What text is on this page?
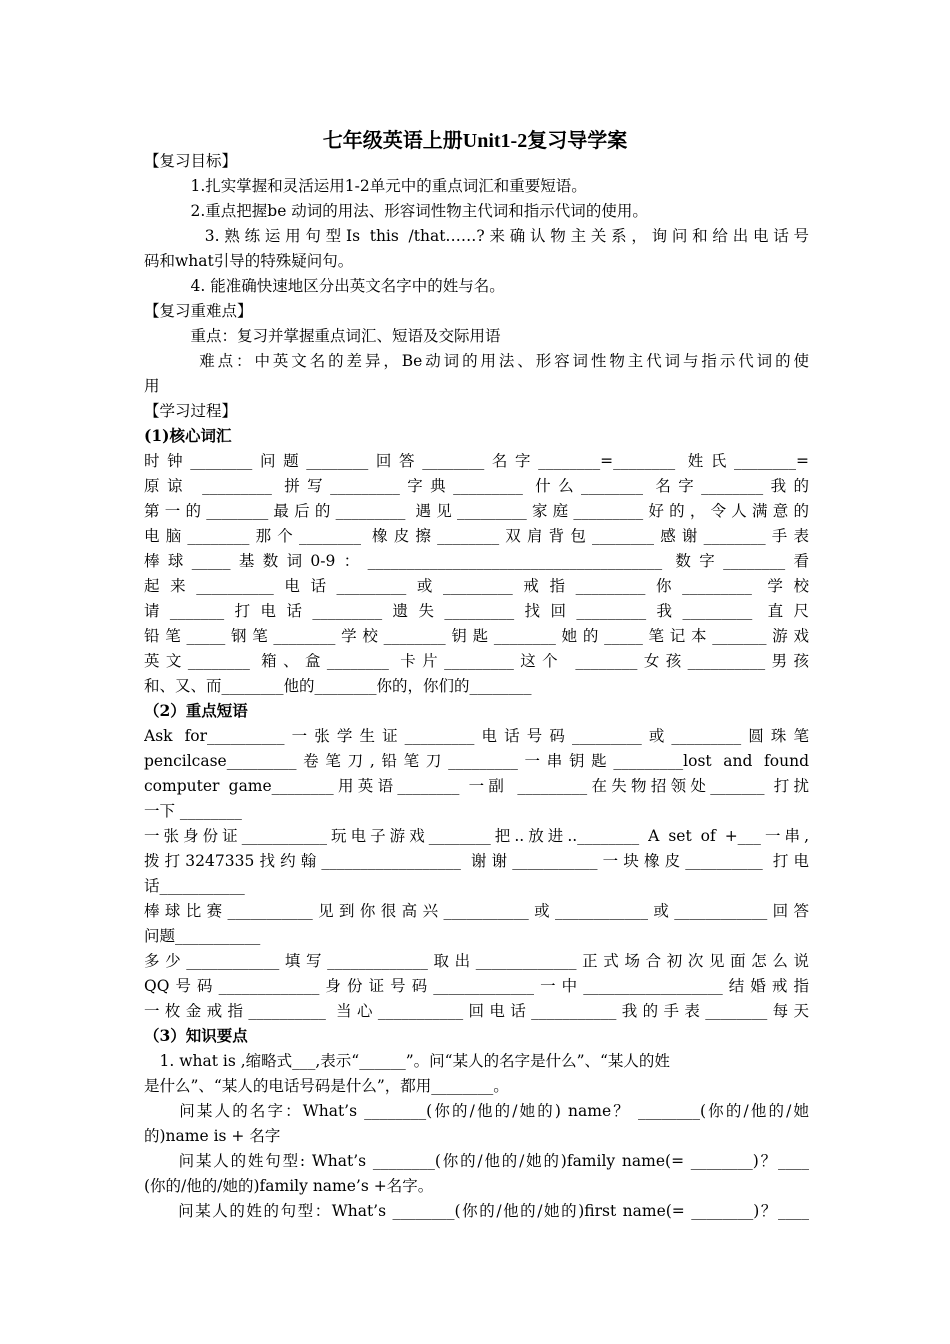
七年级英语上册Unit1-2复习导学案
【复习目标】
　　　1.扎实掌握和灵活运用1-2单元中的重点词汇和重要短语。
　　　2.重点把握be 动词的用法、形容词性物主代词和指示代词的使用。
　　　3.熟练运用句型Is this /that……?来确认物主关系，询问和给出电话号
码和what引导的特殊疑问句。
　　　4. 能准确快速地区分出英文名字中的姓与名。
【复习重难点】
　　　重点：复习并掌握重点词汇、短语及交际用语
　　　难点：中英文名的差异，Be动词的用法、形容词性物主代词与指示代词的使
用
【学习过程】
(1)核心词汇
时钟________问题________回答________名字________=________ 姓氏________=
原谅 _________ 拼写_________字典_________ 什么________ 名字________我的
第一的________最后的_________ 遇见_________家庭_________好的，令人满意的
电脑________那个________ 橡皮擦________双肩背包________感谢________手表
棒球_____基数词0-9：______________________________________ 数字________看
起来__________电话_________或_________戒指_________你_________ 学校
请_______打电话_________遗失_________找回_________我_________ 直尺
铅笔_____钢笔________学校________钥匙________她的_____笔记本_______游戏
英文________ 箱、盒________ 卡片_________这个 ________女孩__________男孩
和、又、而________他的________你的，你们的________
（2）重点短语
Ask for__________一张学生证_________电话号码_________或_________圆珠笔
pencilcase_________卷笔刀,铅笔刀_________一串钥匙_________lost and found
computer game________用英语________ 一副 _________在失物招领处_______ 打扰
一下 ________
一张身份证___________玩电子游戏________把..放进..________ A set of +___一串,
拨打3247335找约翰__________________ 谢谢___________一块橡皮__________ 打电
话___________
棒球比赛___________见到你很高兴___________或____________或____________回答
问题___________
多少____________填写_____________取出_____________正式场合初次见面怎么说
QQ号码_____________身份证号码_____________一中__________________结婚戒指
一枚金戒指__________ 当心___________回电话___________我的手表________每天
（3）知识要点
　1. what is ,缩略式___,表示“______”。问“某人的名字是什么”、“某人的姓
是什么”、“某人的电话号码是什么”，都用________。
　　问某人的名字：What’s ________(你的/他的/她的) name？ ________(你的/他的/她
的)name is + 名字
　　问某人的姓句型: What’s ________(你的/他的/她的)family name(= ________)？____
(你的/他的/她的)family name’s +名字。
　　问某人的姓的句型：What’s ________(你的/他的/她的)first name(= ________)？____
